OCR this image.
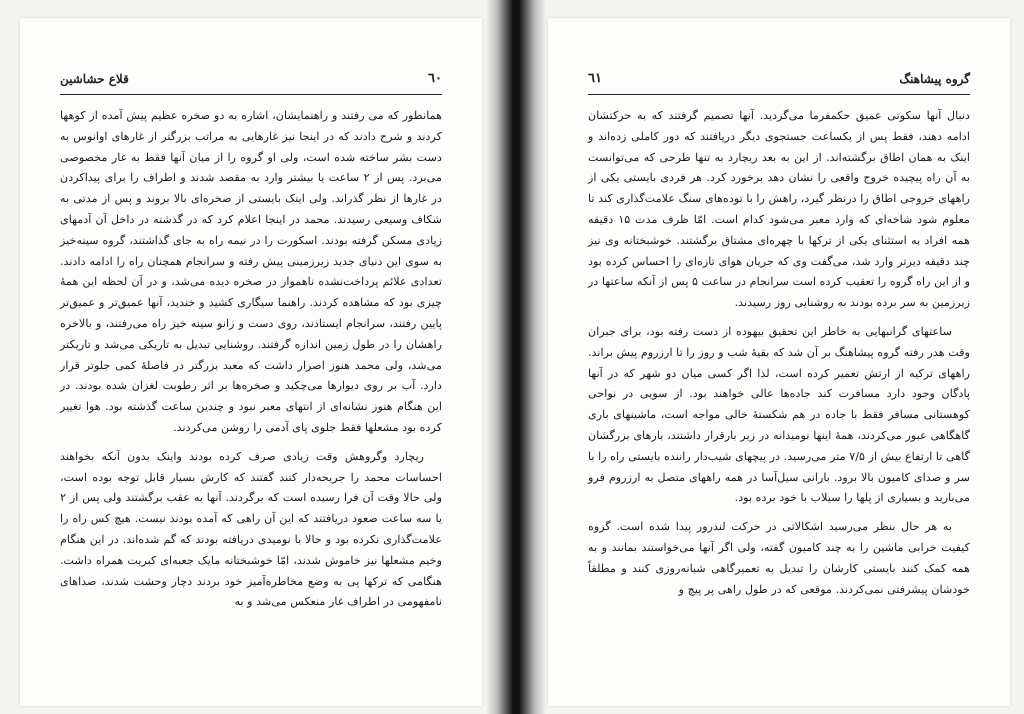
قلاع حشاشين	٦٠

همانطور که می رفتند و راهنمایشان، اشاره به دو صخره عظیم پیش آمده از کوهها کردند و شرح دادند که در اینجا نیز غارهایی به مراتب بزرگتر از غارهای اوانوس به دست بشر ساخته شده است، ولی او گروه را از میان آنها فقط به غار مخصوصی می‌برد. پس از ۲ ساعت یا بیشتر وارد به مقصد شدند و اطراف را برای پیداکردن در غارها از نظر گذراند. ولی اینک بایستی از صخره‌ای بالا بروند و پس از مدتی به شکاف وسیعی رسیدند. محمد در اینجا اعلام کرد که در گذشته در داخل آن آدمهای زیادی مسکن گرفته بودند. اسکورت را در نیمه راه به جای گذاشتند، گروه سینه‌خیز به سوی این دنیای جدید زیرزمینی پیش رفته و سرانجام همچنان راه را ادامه دادند. تعدادی علائم پرداخت‌نشده ناهموار در صخره دیده می‌شد، و در آن لحظه این همهٔ چیزی بود که مشاهده کردند. راهنما سیگاری کشید و خندید، آنها عمیق‌تر و عمیق‌تر پایین رفتند، سرانجام ایستادند، روی دست و زانو سینه خیز راه می‌رفتند، و بالاخره راهشان را در طول زمین اندازه گرفتند. روشنایی تبدیل به تاریکی می‌شد و تاریکتر می‌شد، ولی محمد هنوز اصرار داشت که معبد بزرگتر در فاصلهٔ کمی جلوتر قرار دارد. آب بر روی دیوارها می‌چکید و صخره‌ها بر اثر رطوبت لغزان شده بودند. در این هنگام هنوز نشانه‌ای از انتهای معبر نبود و چندین ساعت گذشته بود. هوا تغییر کرده بود مشعلها فقط جلوی پای آدمی را روشن می‌کردند.

ریچارد وگروهش وقت زیادی صرف کرده بودند واینک بدون آنکه بخواهند احساسات محمد را جریحه‌دار کنند گفتند که کارش بسیار قابل توجه بوده است، ولی حالا وقت آن فرا رسیده است که برگردند. آنها به عقب برگشتند ولی پس از ۲ یا سه ساعت صعود دریافتند که این آن راهی که آمده بودند نیست. هیچ کس راه را علامت‌گذاری نکرده بود و حالا با نومیدی دریافته بودند که گم شده‌اند. در این هنگام وخیم مشعلها نیز خاموش شدند، امّا خوشبختانه مایک جعبه‌ای کبریت همراه داشت. هنگامی که ترکها پی به وضع مخاطره‌آمیز خود بردند دچار وحشت شدند، صداهای نامفهومی در اطراف غار منعکس می‌شد و به

گروه پیشاهنگ
٦١

دنبال آنها سکوتی عمیق حکمفرما می‌گردید. آنها تصمیم گرفتند که به حرکتشان ادامه دهند، فقط پس از یکساعت جستجوی دیگر دریافتند که دور کاملی زده‌اند و اینک به همان اطاق برگشته‌اند. از این به بعد ریچارد به تنها طرحی که می‌توانست به آن راه پیچیده خروج واقعی را نشان دهد برخورد کرد. هر فردی بایستی یکی از راههای خروجی اطاق را درنظر گیرد، راهش را با توده‌های سنگ علامت‌گذاری کند تا معلوم شود شاخه‌ای که وارد معبر می‌شود کدام است. امّا ظرف مدت ۱۵ دقیقه همه افراد به استثنای یکی از ترکها با چهره‌ای مشتاق برگشتند. خوشبختانه وی نیز چند دقیقه دیرتر وارد شد، می‌گفت وی که جریان هوای تازه‌ای را احساس کرده بود و از این راه گروه را تعقیب کرده است سرانجام در ساعت ۵ پس از آنکه ساعتها در زیرزمین به سر برده بودند به روشنایی روز رسیدند.

ساعتهای گرانبهایی به خاطر این تحقیق بیهوده از دست رفته بود، برای جبران وقت هدر رفته گروه پیشاهنگ بر آن شد که بقیهٔ شب و روز را تا ارزروم پیش براند. راههای ترکیه از ارتش تعمیر کرده است، لذا اگر کسی میان دو شهر که در آنها پادگان وجود دارد مسافرت کند جاده‌ها عالی خواهند بود. از سویی در نواحی کوهستانی مسافر فقط با جاده در هم شکستهٔ خالی مواجه است، ماشینهای باری گاهگاهی عبور می‌کردند، همهٔ اینها نومیدانه در زیر بارقرار داشتند، بارهای بزرگشان گاهی تا ارتفاع بیش از ۷/۵ متر می‌رسید. در پیچهای شیب‌دار راننده بایستی راه را با سر و صدای کامیون بالا برود. بارانی سیل‌آسا در همه راههای متصل به ارزروم فرو می‌بارید و بسیاری از پلها را سیلاب با خود برده بود.

به هر حال بنظر می‌رسید اشکالاتی در حرکت لندرور پیدا شده است. گروه کیفیت خرابی ماشین را به چند کامیون گفته، ولی اگر آنها می‌خواستند بمانند و به همه کمک کنند بایستی کارشان را تبدیل به تعمیرگاهی شبانه‌روزی کنند و مطلقاً خودشان پیشرفتی نمی‌کردند. موقعی که در طول راهی پر پیچ و
